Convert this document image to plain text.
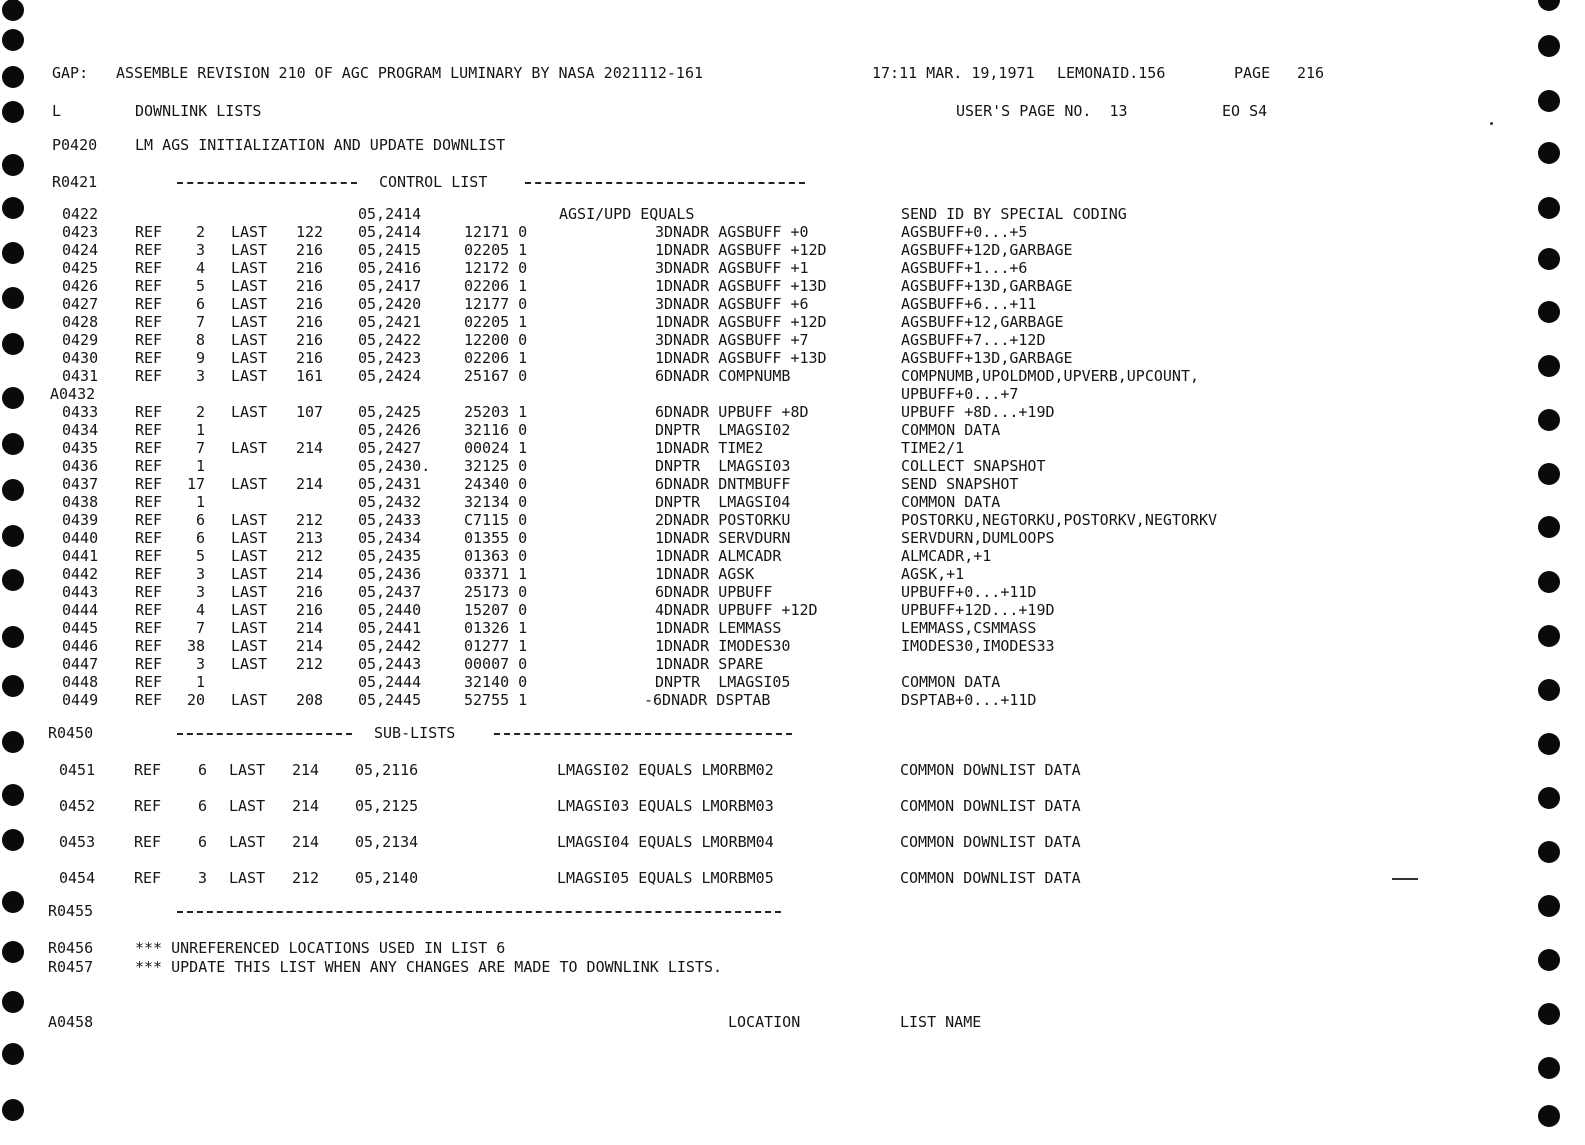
GAP: ASSEMBLE REVISION 210 OF AGC PROGRAM LUMINARY BY NASA 2021112-161	17:11 MAR. 19,1971 LEMONAID.156	PAGE 216
L	DOWNLINK LISTS	USER'S PAGE NO.  13	EO S4
P0420	LM AGS INITIALIZATION AND UPDATE DOWNLIST
R0421	CONTROL LIST
0422	05,2414	AGSI/UPD EQUALS	SEND ID BY SPECIAL CODING
0423 REF 2 LAST 122 05,2414	12171 0	3DNADR AGSBUFF +0	AGSBUFF+0...+5
0424 REF 3 LAST 216 05,2415	02205 1	1DNADR AGSBUFF +12D	AGSBUFF+12D,GARBAGE
0425 REF 4 LAST 216 05,2416	12172 0	3DNADR AGSBUFF +1	AGSBUFF+1...+6
0426 REF 5 LAST 216 05,2417	02206 1	1DNADR AGSBUFF +13D	AGSBUFF+13D,GARBAGE
0427 REF 6 LAST 216 05,2420	12177 0	3DNADR AGSBUFF +6	AGSBUFF+6...+11
0428 REF 7 LAST 216 05,2421	02205 1	1DNADR AGSBUFF +12D	AGSBUFF+12,GARBAGE
0429 REF 8 LAST 216 05,2422	12200 0	3DNADR AGSBUFF +7	AGSBUFF+7...+12D
0430 REF 9 LAST 216 05,2423	02206 1	1DNADR AGSBUFF +13D	AGSBUFF+13D,GARBAGE
0431 REF 3 LAST 161 05,2424	25167 0	6DNADR COMPNUMB	COMPNUMB,UPOLDMOD,UPVERB,UPCOUNT,
A0432	UPBUFF+0...+7
0433 REF 2 LAST 107 05,2425	25203 1	6DNADR UPBUFF +8D	UPBUFF +8D...+19D
0434 REF 1	05,2426	32116 0	DNPTR  LMAGSI02	COMMON DATA
0435 REF 7 LAST 214 05,2427	00024 1	1DNADR TIME2	TIME2/1
0436 REF 1	05,2430. 32125 0	DNPTR  LMAGSI03	COLLECT SNAPSHOT
0437 REF 17 LAST 214 05,2431	24340 0	6DNADR DNTMBUFF	SEND SNAPSHOT
0438 REF 1	05,2432	32134 0	DNPTR  LMAGSI04	COMMON DATA
0439 REF 6 LAST 212 05,2433	C7115 0	2DNADR POSTORKU	POSTORKU,NEGTORKU,POSTORKV,NEGTORKV
0440 REF 6 LAST 213 05,2434	01355 0	1DNADR SERVDURN	SERVDURN,DUMLOOPS
0441 REF 5 LAST 212 05,2435	01363 0	1DNADR ALMCADR	ALMCADR,+1
0442 REF 3 LAST 214 05,2436	03371 1	1DNADR AGSK	AGSK,+1
0443 REF 3 LAST 216 05,2437	25173 0	6DNADR UPBUFF	UPBUFF+0...+11D
0444 REF 4 LAST 216 05,2440	15207 0	4DNADR UPBUFF +12D	UPBUFF+12D...+19D
0445 REF 7 LAST 214 05,2441	01326 1	1DNADR LEMMASS	LEMMASS,CSMMASS
0446 REF 38 LAST 214 05,2442	01277 1	1DNADR IMODES30	IMODES30,IMODES33
0447 REF 3 LAST 212 05,2443	00007 0	1DNADR SPARE
0448 REF 1	05,2444	32140 0	DNPTR  LMAGSI05	COMMON DATA
0449 REF 20 LAST 208 05,2445	52755 1	-6DNADR DSPTAB	DSPTAB+0...+11D
R0450	SUB-LISTS
0451	REF 6 LAST 214 05,2116	LMAGSI02 EQUALS LMORBM02	COMMON DOWNLIST DATA
0452	REF 6 LAST 214 05,2125	LMAGSI03 EQUALS LMORBM03	COMMON DOWNLIST DATA
0453	REF 6 LAST 214 05,2134	LMAGSI04 EQUALS LMORBM04	COMMON DOWNLIST DATA
0454	REF 3 LAST 212 05,2140	LMAGSI05 EQUALS LMORBM05	COMMON DOWNLIST DATA
R0455
R0456	*** UNREFERENCED LOCATIONS USED IN LIST 6
R0457	*** UPDATE THIS LIST WHEN ANY CHANGES ARE MADE TO DOWNLINK LISTS.
A0458	LOCATION	LIST NAME
